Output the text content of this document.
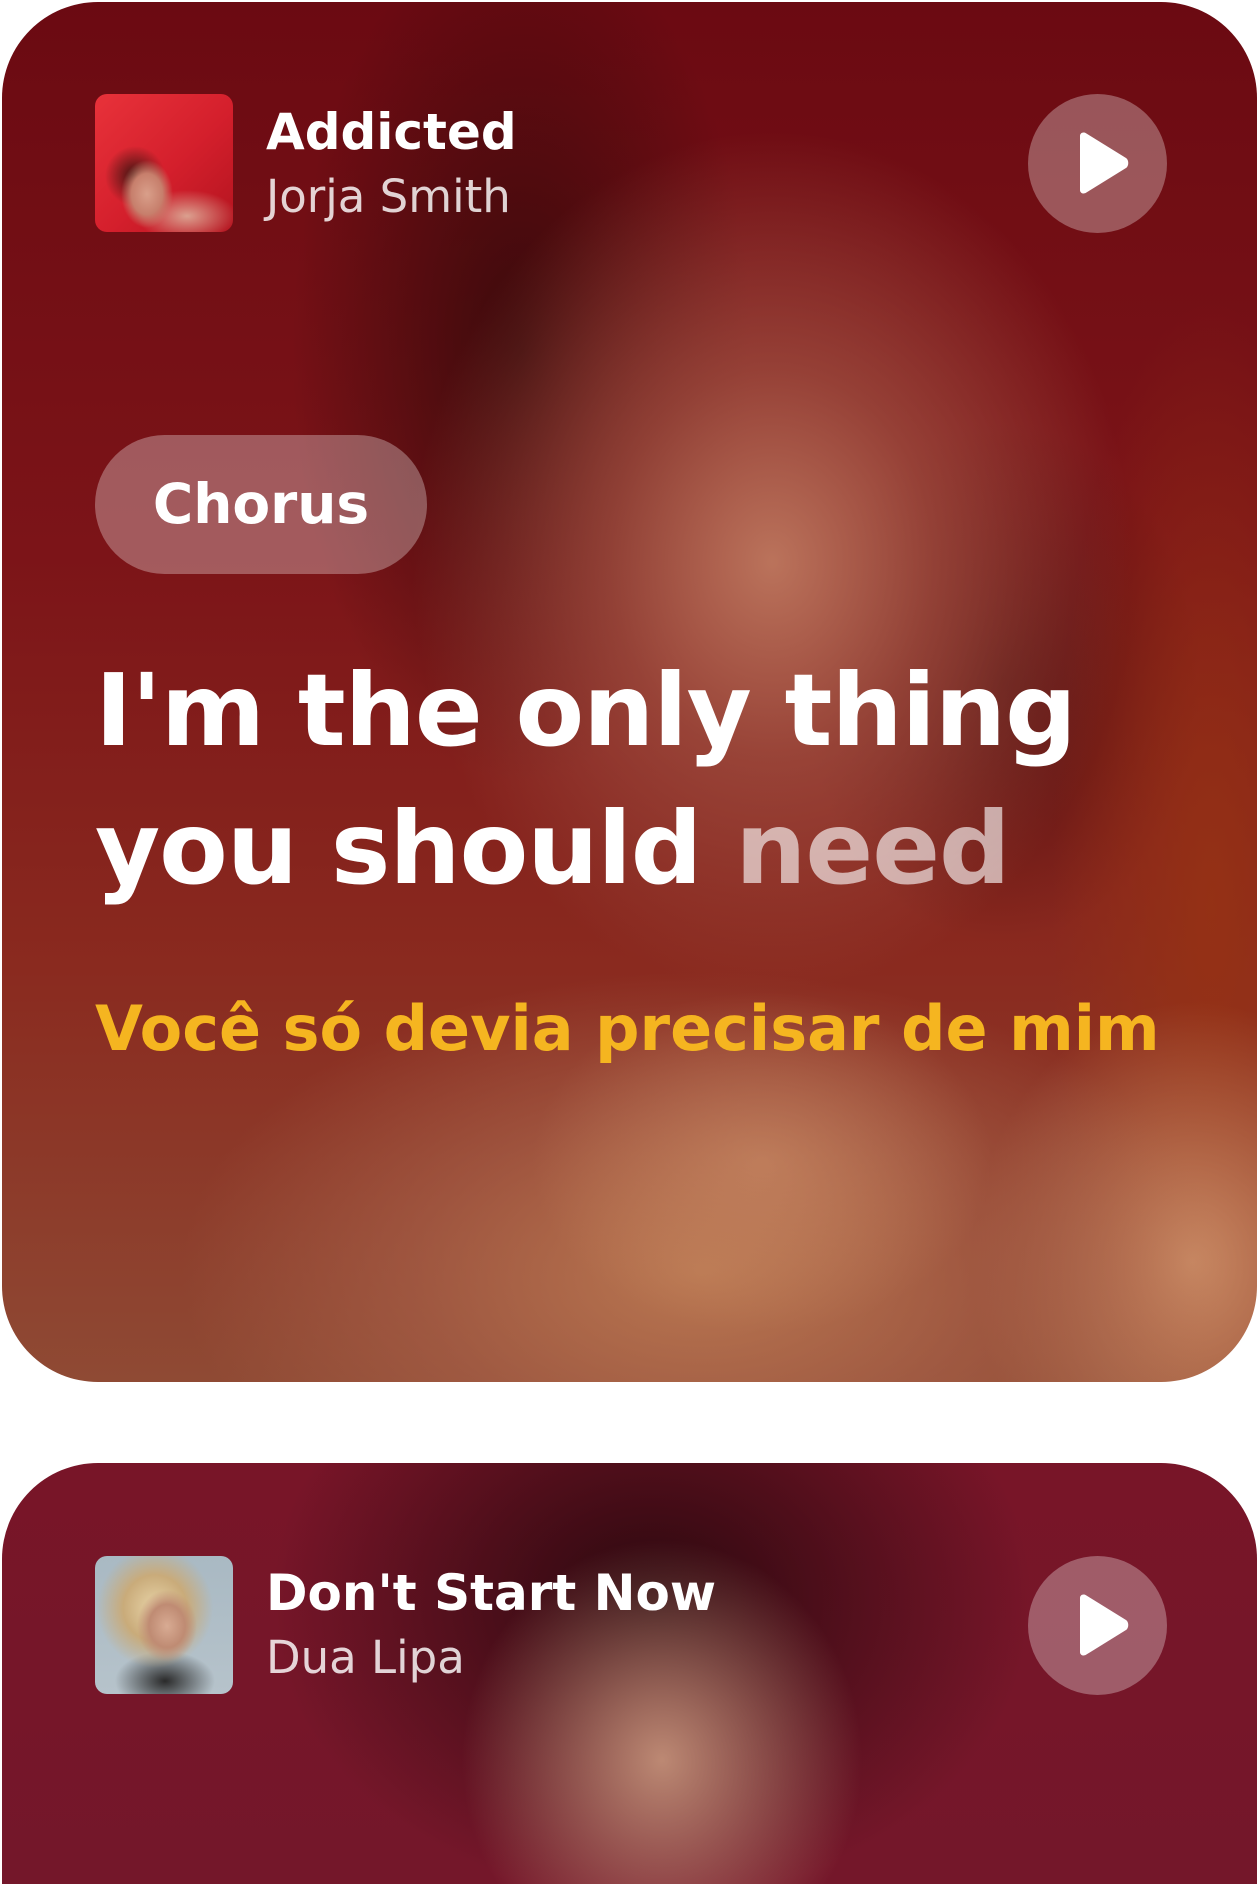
Addicted
Jorja Smith
Chorus
I'm the only thing you should need
Você só devia precisar de mim
Don't Start Now
Dua Lipa
